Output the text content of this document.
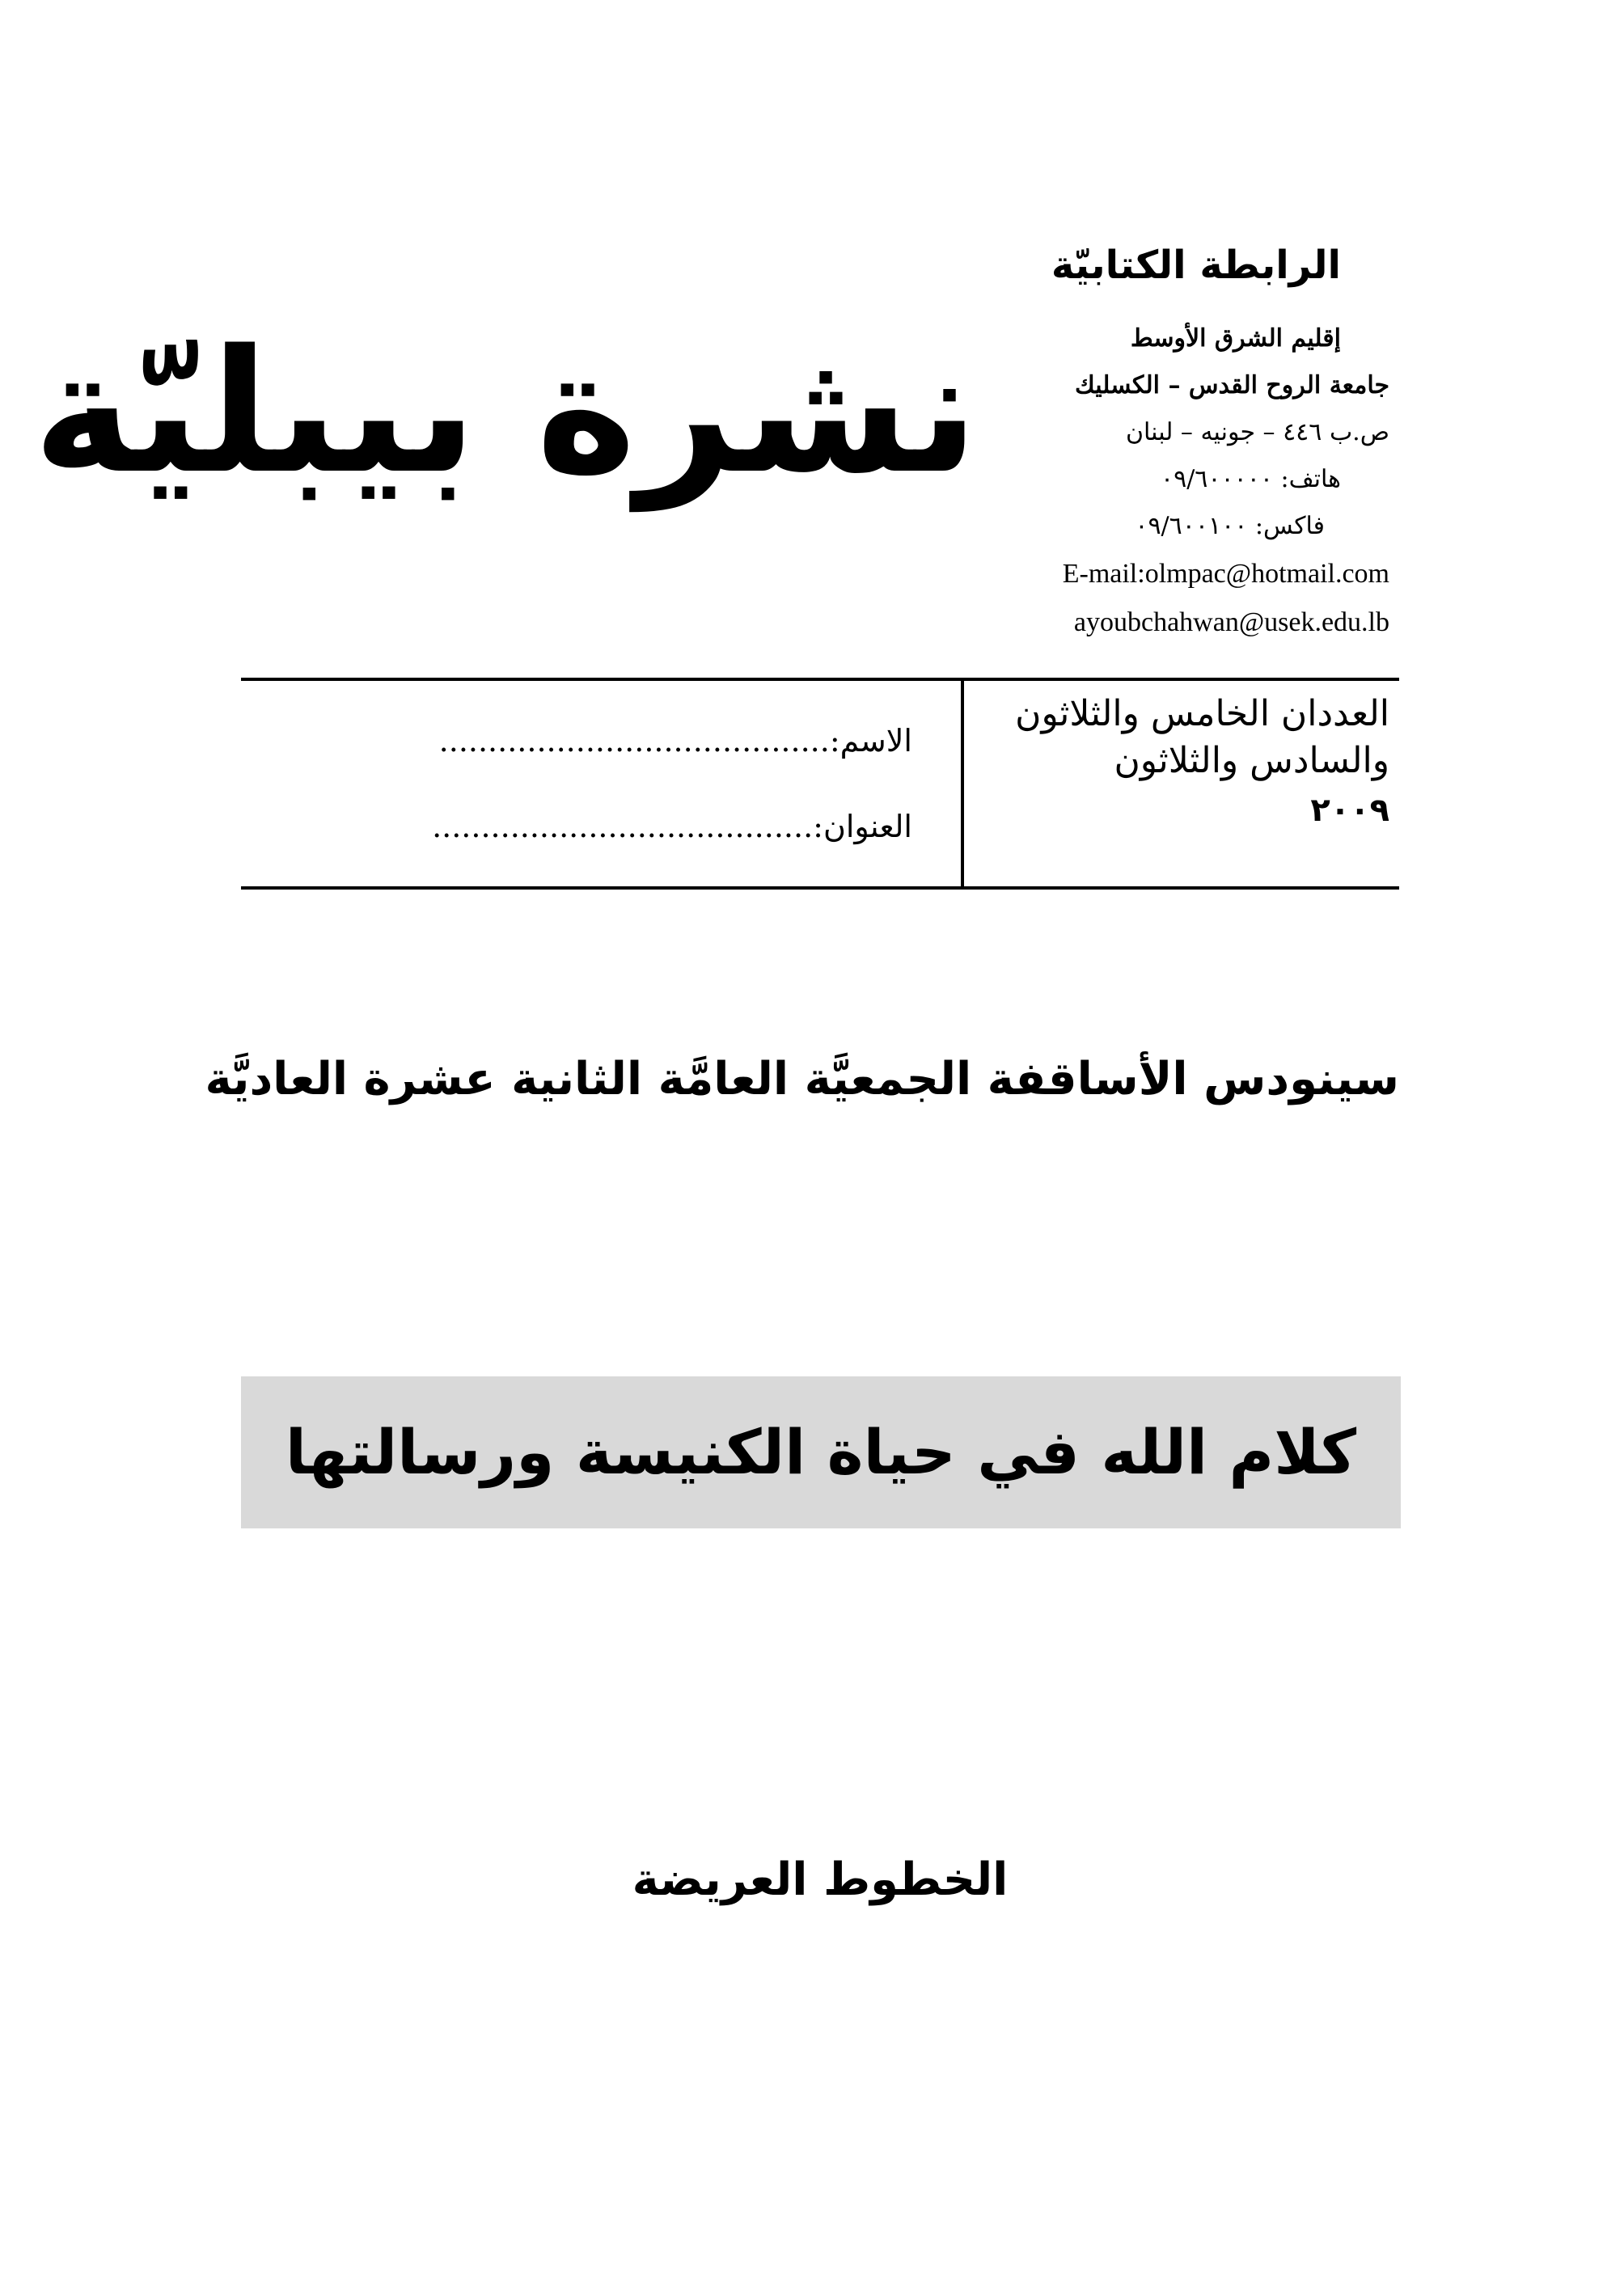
الرابطة الكتابيّة
إقليم الشرق الأوسط
جامعة الروح القدس – الكسليك
ص.ب ٤٤٦ – جونيه – لبنان
هاتف: ٠٩/٦٠٠٠٠٠
فاكس: ٠٩/٦٠٠١٠٠
E-mail:olmpac@hotmail.com
ayoubchahwan@usek.edu.lb
نشرة بيبليّة
الاسم:........................................
العنوان:.......................................
العددان الخامس والثلاثون
والسادس والثلاثون
٢٠٠٩
سينودس الأساقفة الجمعيَّة العامَّة الثانية عشرة العاديَّة
كلام الله في حياة الكنيسة ورسالتها
الخطوط العريضة
